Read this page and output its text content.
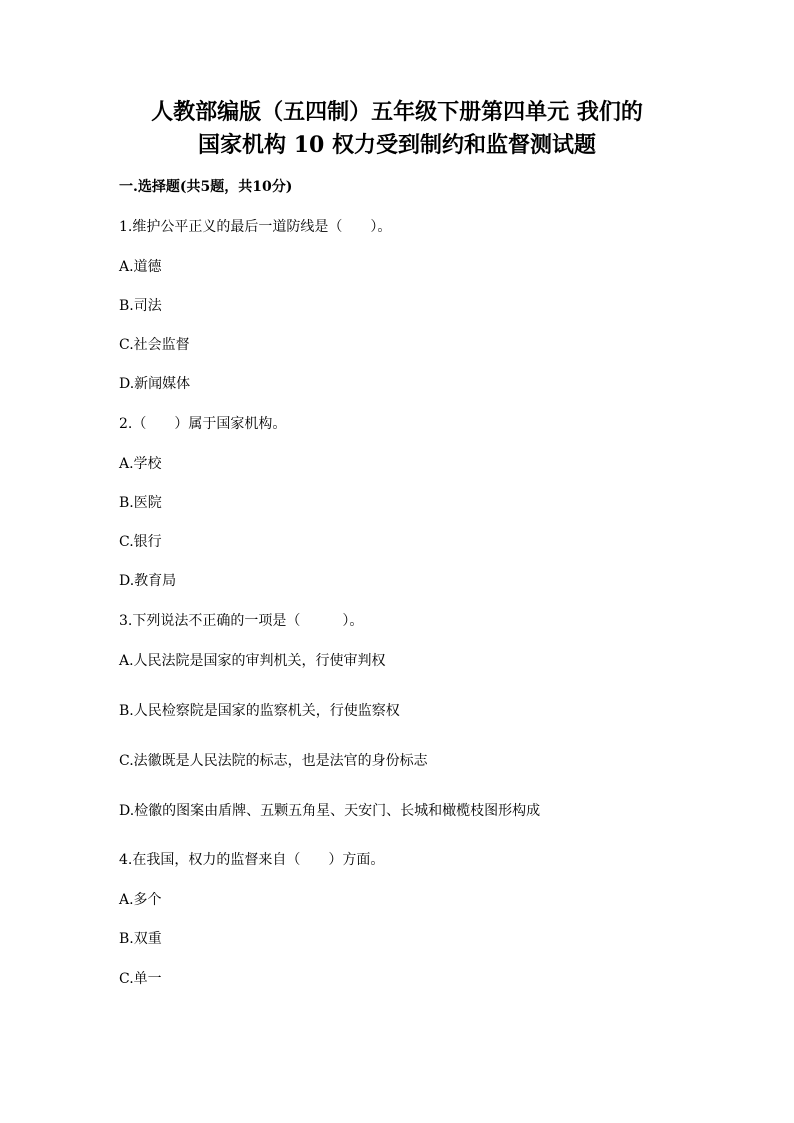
人教部编版（五四制）五年级下册第四单元 我们的
国家机构 10 权力受到制约和监督测试题
一.选择题(共5题，共10分)
1.维护公平正义的最后一道防线是（　　）。
A.道德
B.司法
C.社会监督
D.新闻媒体
2.（　　）属于国家机构。
A.学校
B.医院
C.银行
D.教育局
3.下列说法不正确的一项是（　　　）。
A.人民法院是国家的审判机关，行使审判权
B.人民检察院是国家的监察机关，行使监察权
C.法徽既是人民法院的标志，也是法官的身份标志
D.检徽的图案由盾牌、五颗五角星、天安门、长城和橄榄枝图形构成
4.在我国，权力的监督来自（　　）方面。
A.多个
B.双重
C.单一
